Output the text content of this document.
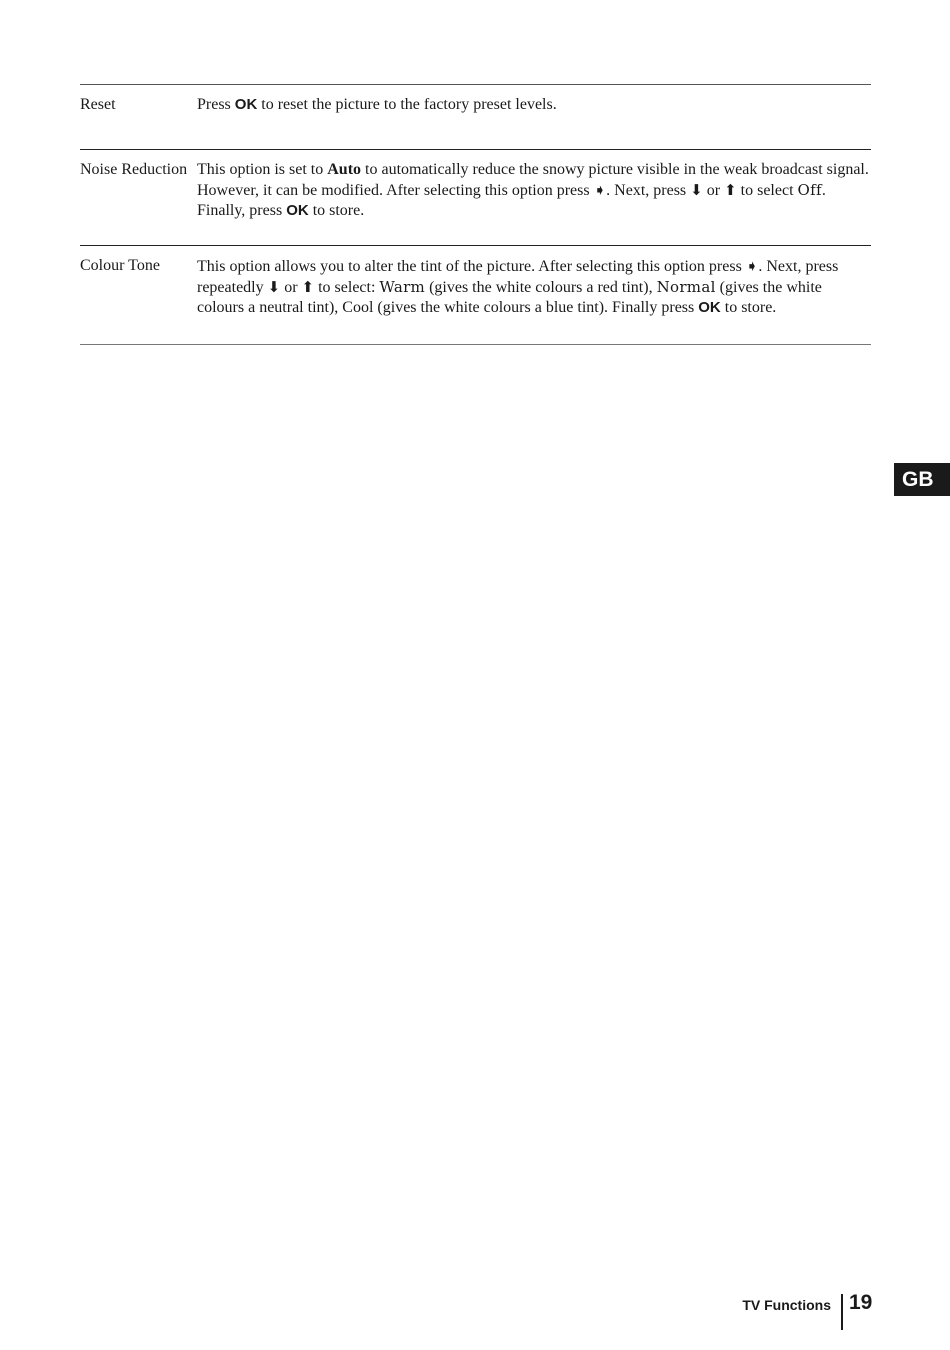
Reset	Press OK to reset the picture to the factory preset levels.
Noise Reduction This option is set to Auto to automatically reduce the snowy picture visible in the weak broadcast signal. However, it can be modified. After selecting this option press ➧. Next, press ⬇ or ⬆ to select Off. Finally, press OK to store.
Colour Tone	This option allows you to alter the tint of the picture. After selecting this option press ➧. Next, press repeatedly ⬇ or ⬆ to select: Warm (gives the white colours a red tint), Normal (gives the white colours a neutral tint), Cool (gives the white colours a blue tint). Finally press OK to store.
GB
TV Functions 19
